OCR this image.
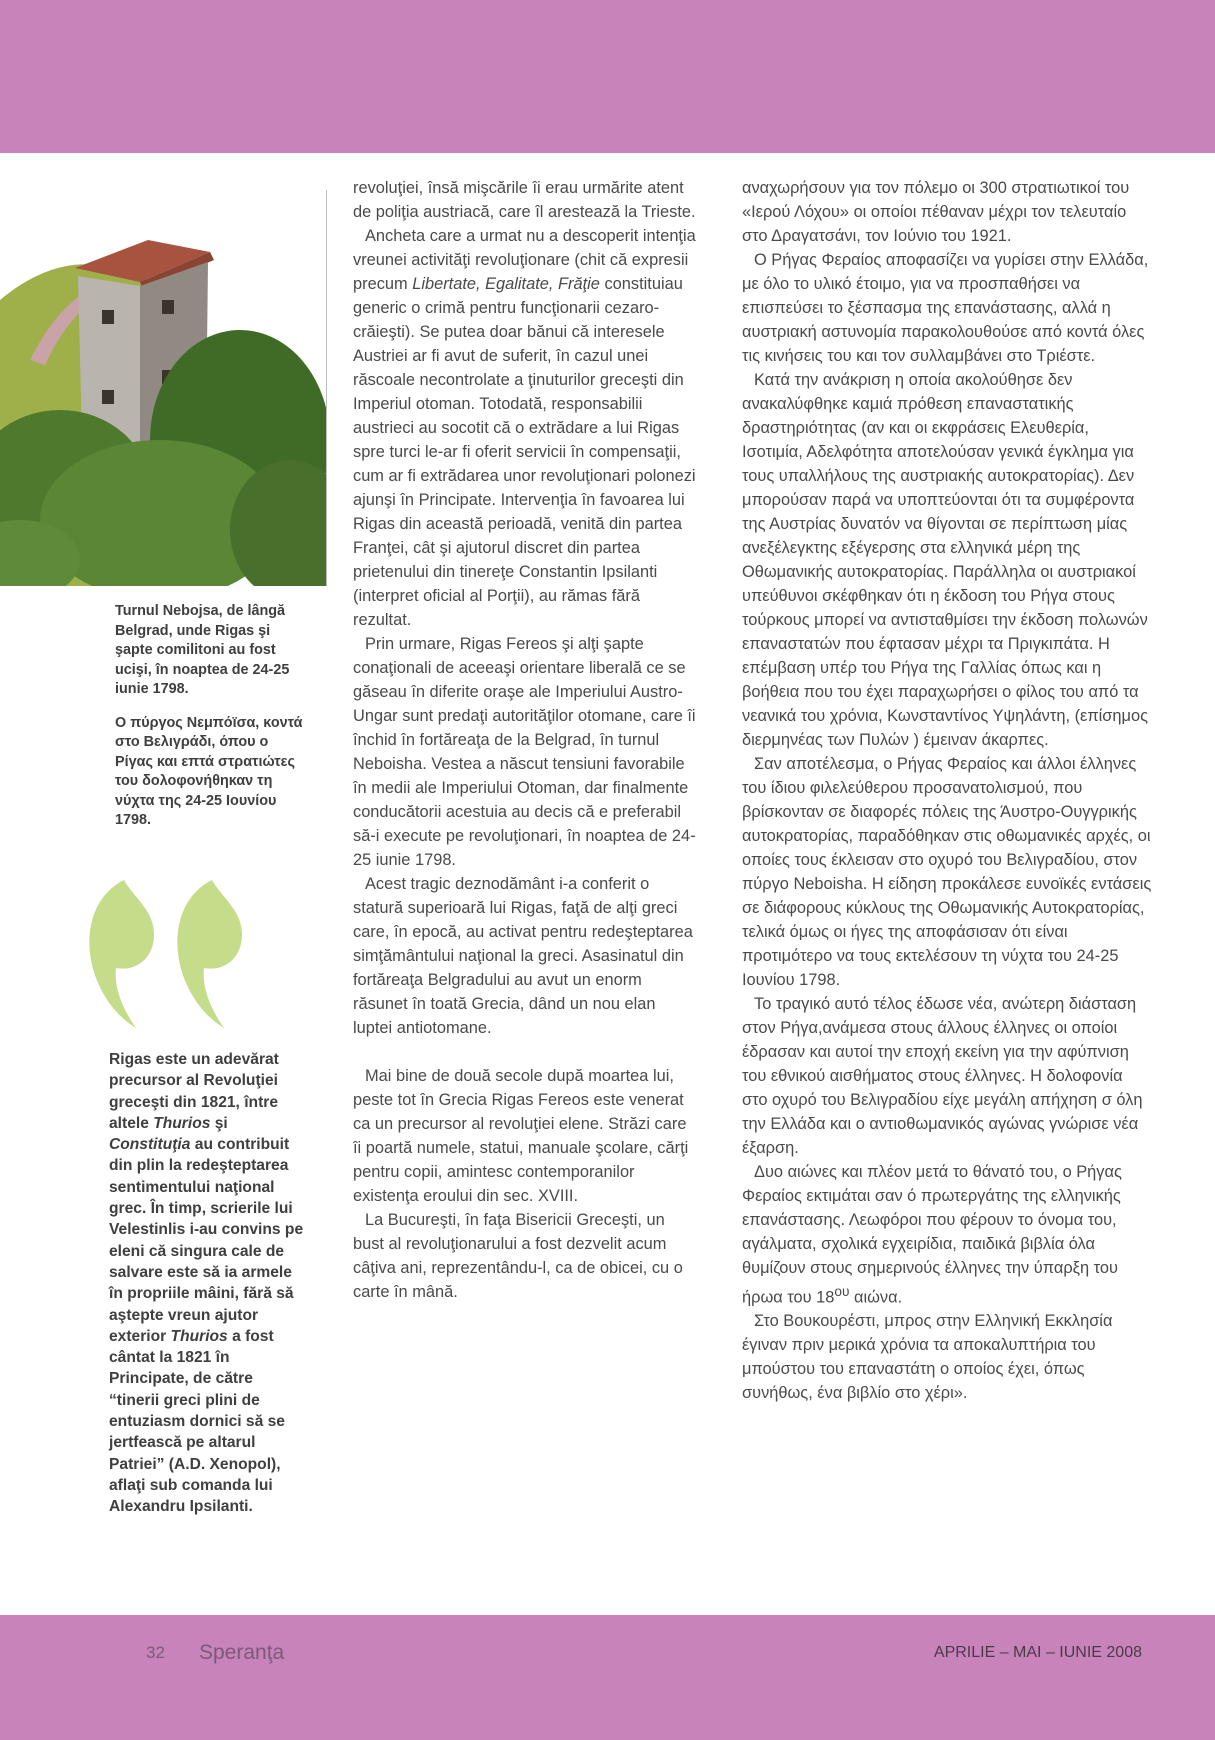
Turnul Nebojsa, de lângă Belgrad, unde Rigas şi şapte comilitoni au fost ucişi, în noaptea de 24-25 iunie 1798.

Ο πύργος Νεμπόϊσα, κοντά στο Βελιγράδι, όπου ο Ρίγας και επτά στρατιώτες του δολοφονήθηκαν τη νύχτα της 24-25 Ιουνίου 1798.

Rigas este un adevărat precursor al Revoluţiei greceşti din 1821, între altele Thurios şi Constituţia au contribuit din plin la redeşteptarea sentimentului naţional grec. În timp, scrierile lui Velestinlis i-au convins pe eleni că singura cale de salvare este să ia armele în propriile mâini, fără să aştepte vreun ajutor exterior Thurios a fost cântat la 1821 în Principate, de către “tinerii greci plini de entuziasm dornici să se jertfească pe altarul Patriei” (A.D. Xenopol), aflaţi sub comanda lui Alexandru Ipsilanti.

revoluţiei, însă mişcările îi erau urmărite atent de poliţia austriacă, care îl arestează la Trieste.

Ancheta care a urmat nu a descoperit intenţia vreunei activităţi revoluţionare (chit că expresii precum Libertate, Egalitate, Frăţie constituiau generic o crimă pentru funcţionarii cezaro-crăieşti). Se putea doar bănui că interesele Austriei ar fi avut de suferit, în cazul unei răscoale necontrolate a ţinuturilor greceşti din Imperiul otoman. Totodată, responsabilii austrieci au socotit că o extrădare a lui Rigas spre turci le-ar fi oferit servicii în compensaţii, cum ar fi extrădarea unor revoluţionari polonezi ajunşi în Principate. Intervenţia în favoarea lui Rigas din această perioadă, venită din partea Franţei, cât şi ajutorul discret din partea prietenului din tinereţe Constantin Ipsilanti (interpret oficial al Porţii), au rămas fără rezultat.

Prin urmare, Rigas Fereos şi alţi şapte conaţionali de aceeaşi orientare liberală ce se găseau în diferite oraşe ale Imperiului Austro-Ungar sunt predaţi autorităţilor otomane, care îi închid în fortăreaţa de la Belgrad, în turnul Neboisha. Vestea a născut tensiuni favorabile în medii ale Imperiului Otoman, dar finalmente conducătorii acestuia au decis că e preferabil să-i execute pe revoluţionari, în noaptea de 24-25 iunie 1798.

Acest tragic deznodământ i-a conferit o statură superioară lui Rigas, faţă de alţi greci care, în epocă, au activat pentru redeşteptarea simţământului naţional la greci. Asasinatul din fortăreaţa Belgradului au avut un enorm răsunet în toată Grecia, dând un nou elan luptei antiotomane.

Mai bine de două secole după moartea lui, peste tot în Grecia Rigas Fereos este venerat ca un precursor al revoluţiei elene. Străzi care îi poartă numele, statui, manuale şcolare, cărţi pentru copii, amintesc contemporanilor existenţa eroului din sec. XVIII.

La Bucureşti, în faţa Bisericii Greceşti, un bust al revoluţionarului a fost dezvelit acum câţiva ani, reprezentându-l, ca de obicei, cu o carte în mână.

αναχωρήσουν για τον πόλεμο οι 300 στρατιωτικοί του «Ιερού Λόχου» οι οποίοι πέθαναν μέχρι τον τελευταίο στο Δραγατσάνι, τον Ιούνιο του 1921.

Ο Ρήγας Φεραίος αποφασίζει να γυρίσει στην Ελλάδα, με όλο το υλικό έτοιμο, για να προσπαθήσει να επισπεύσει το ξέσπασμα της επανάστασης, αλλά η αυστριακή αστυνομία παρακολουθούσε από κοντά όλες τις κινήσεις του και τον συλλαμβάνει στο Τριέστε.

Κατά την ανάκριση η οποία ακολούθησε δεν ανακαλύφθηκε καμιά πρόθεση επαναστατικής δραστηριότητας (αν και οι εκφράσεις Ελευθερία, Ισοτιμία, Αδελφότητα αποτελούσαν γενικά έγκλημα για τους υπαλλήλους της αυστριακής αυτοκρατορίας). Δεν μπορούσαν παρά να υποπτεύονται ότι τα συμφέροντα της Αυστρίας δυνατόν να θίγονται σε περίπτωση μίας ανεξέλεγκτης εξέγερσης στα ελληνικά μέρη της Οθωμανικής αυτοκρατορίας. Παράλληλα οι αυστριακοί υπεύθυνοι σκέφθηκαν ότι η έκδοση του Ρήγα στους τούρκους μπορεί να αντισταθμίσει την έκδοση πολωνών επαναστατών που έφτασαν μέχρι τα Πριγκιπάτα. Η επέμβαση υπέρ του Ρήγα της Γαλλίας όπως και η βοήθεια που του έχει παραχωρήσει ο φίλος του από τα νεανικά του χρόνια, Κωνσταντίνος Υψηλάντη, (επίσημος διερμηνέας των Πυλών ) έμειναν άκαρπες.

Σαν αποτέλεσμα, ο Ρήγας Φεραίος και άλλοι έλληνες του ίδιου φιλελεύθερου προσανατολισμού, που βρίσκονταν σε διαφορές πόλεις της Άυστρο-Ουγγρικής αυτοκρατορίας, παραδόθηκαν στις οθωμανικές αρχές, οι οποίες τους έκλεισαν στο οχυρό του Βελιγραδίου, στον πύργο Neboisha. Η είδηση προκάλεσε ευνοϊκές εντάσεις σε διάφορους κύκλους της Οθωμανικής Αυτοκρατορίας, τελικά όμως οι ήγες της αποφάσισαν ότι είναι προτιμότερο να τους εκτελέσουν τη νύχτα του 24-25 Ιουνίου 1798.

Το τραγικό αυτό τέλος έδωσε νέα, ανώτερη διάσταση στον Ρήγα,ανάμεσα στους άλλους έλληνες οι οποίοι έδρασαν και αυτοί την εποχή εκείνη για την αφύπνιση του εθνικού αισθήματος στους έλληνες. Η δολοφονία στο οχυρό του Βελιγραδίου είχε μεγάλη απήχηση σ όλη την Ελλάδα και ο αντιοθωμανικός αγώνας γνώρισε νέα έξαρση.

Δυο αιώνες και πλέον μετά το θάνατό του, ο Ρήγας Φεραίος εκτιμάται σαν ό πρωτεργάτης της ελληνικής επανάστασης. Λεωφόροι που φέρουν το όνομα του, αγάλματα, σχολικά εγχειρίδια, παιδικά βιβλία όλα θυμίζουν στους σημερινούς έλληνες την ύπαρξη του ήρωα του $18^{o\upsilon}$ αιώνα.

Στο Βουκουρέστι, μπρος στην Ελληνική Εκκλησία έγιναν πριν μερικά χρόνια τα αποκαλυπτήρια του μπούστου του επαναστάτη ο οποίος έχει, όπως συνήθως, ένα βιβλίο στο χέρι».

32 Speranţa	APRILIE – MAI – IUNIE 2008
